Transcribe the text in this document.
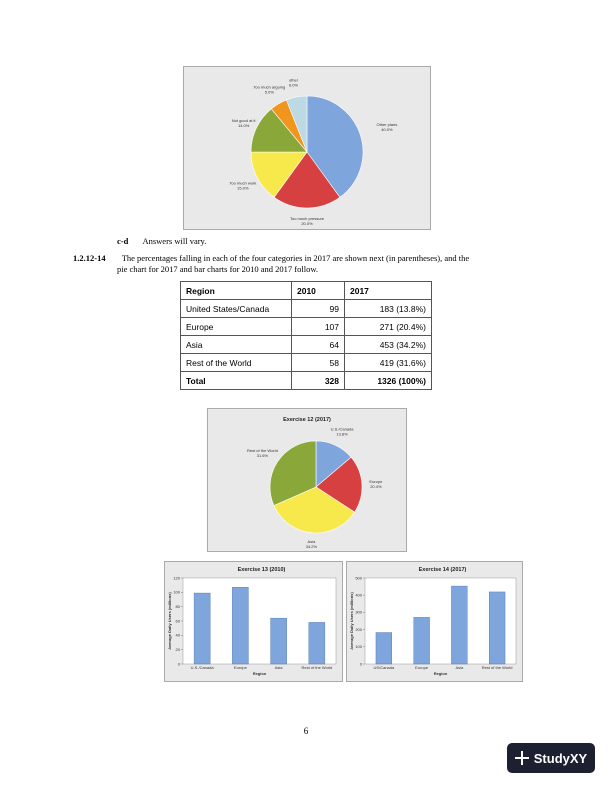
Other plans 40.0%
Too much pressure 20.0%
Too much work 15.0%
Not good at it 14.0%
Too much arguing 5.0%
other 6.0%
c-d Answers will vary.
1.2.12-14 The percentages falling in each of the four categories in 2017 are shown next (in parentheses), and the
pie chart for 2017 and bar charts for 2010 and 2017 follow.
Region	2010	2017
United States/Canada	99	183 (13.8%)
Europe	107	271 (20.4%)
Asia	64	453 (34.2%)
Rest of the World	58	419 (31.6%)
Total	328	1326 (100%)
Exercise 12 (2017)
U.S./Canada 13.8%
Europe 20.4%
Asia 34.2%
Rest of the World 31.6%
Exercise 13 (2010)
0
20
40
60
80
100
120
U.S./Canada	Europe	Asia	Rest of the World
Region
Average Daily Users (millions)
Exercise 14 (2017)
0
100
200
300
400
500
US/Canada	Europe	Asia	Rest of the World
Region
Average Daily Users (millions)
6
StudyXY
